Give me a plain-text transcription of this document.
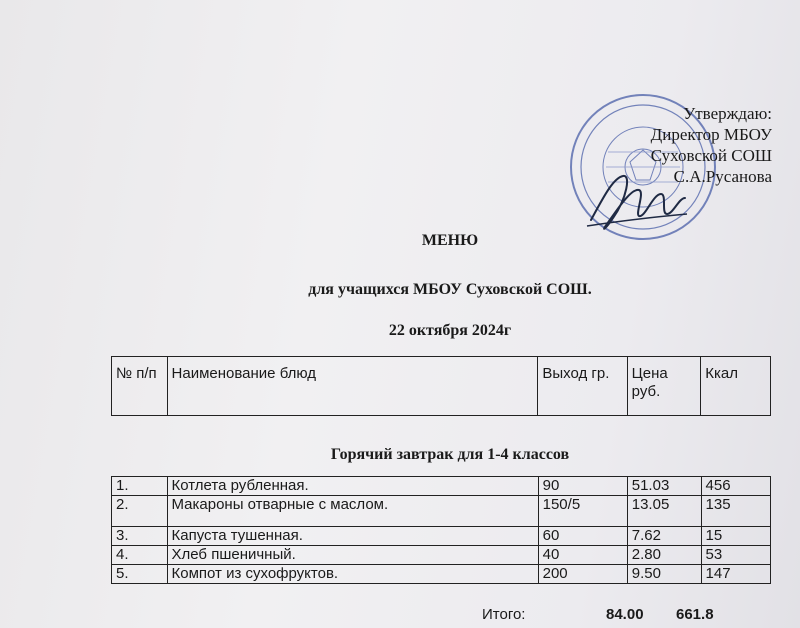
Утверждаю:
Директор МБОУ
Суховской СОШ
С.А.Русанова
МЕНЮ
для учащихся МБОУ Суховской СОШ.
22 октября 2024г
№ п/п	Наименование блюд	Выход гр.	Цена руб.	Ккал
Горячий завтрак для 1-4 классов
1.	Котлета рубленная.	90	51.03	456
2.	Макароны отварные с маслом.	150/5	13.05	135
3.	Капуста тушенная.	60	7.62	15
4.	Хлеб пшеничный.	40	2.80	53
5.	Компот из сухофруктов.	200	9.50	147
Итого:	84.00 661.8
